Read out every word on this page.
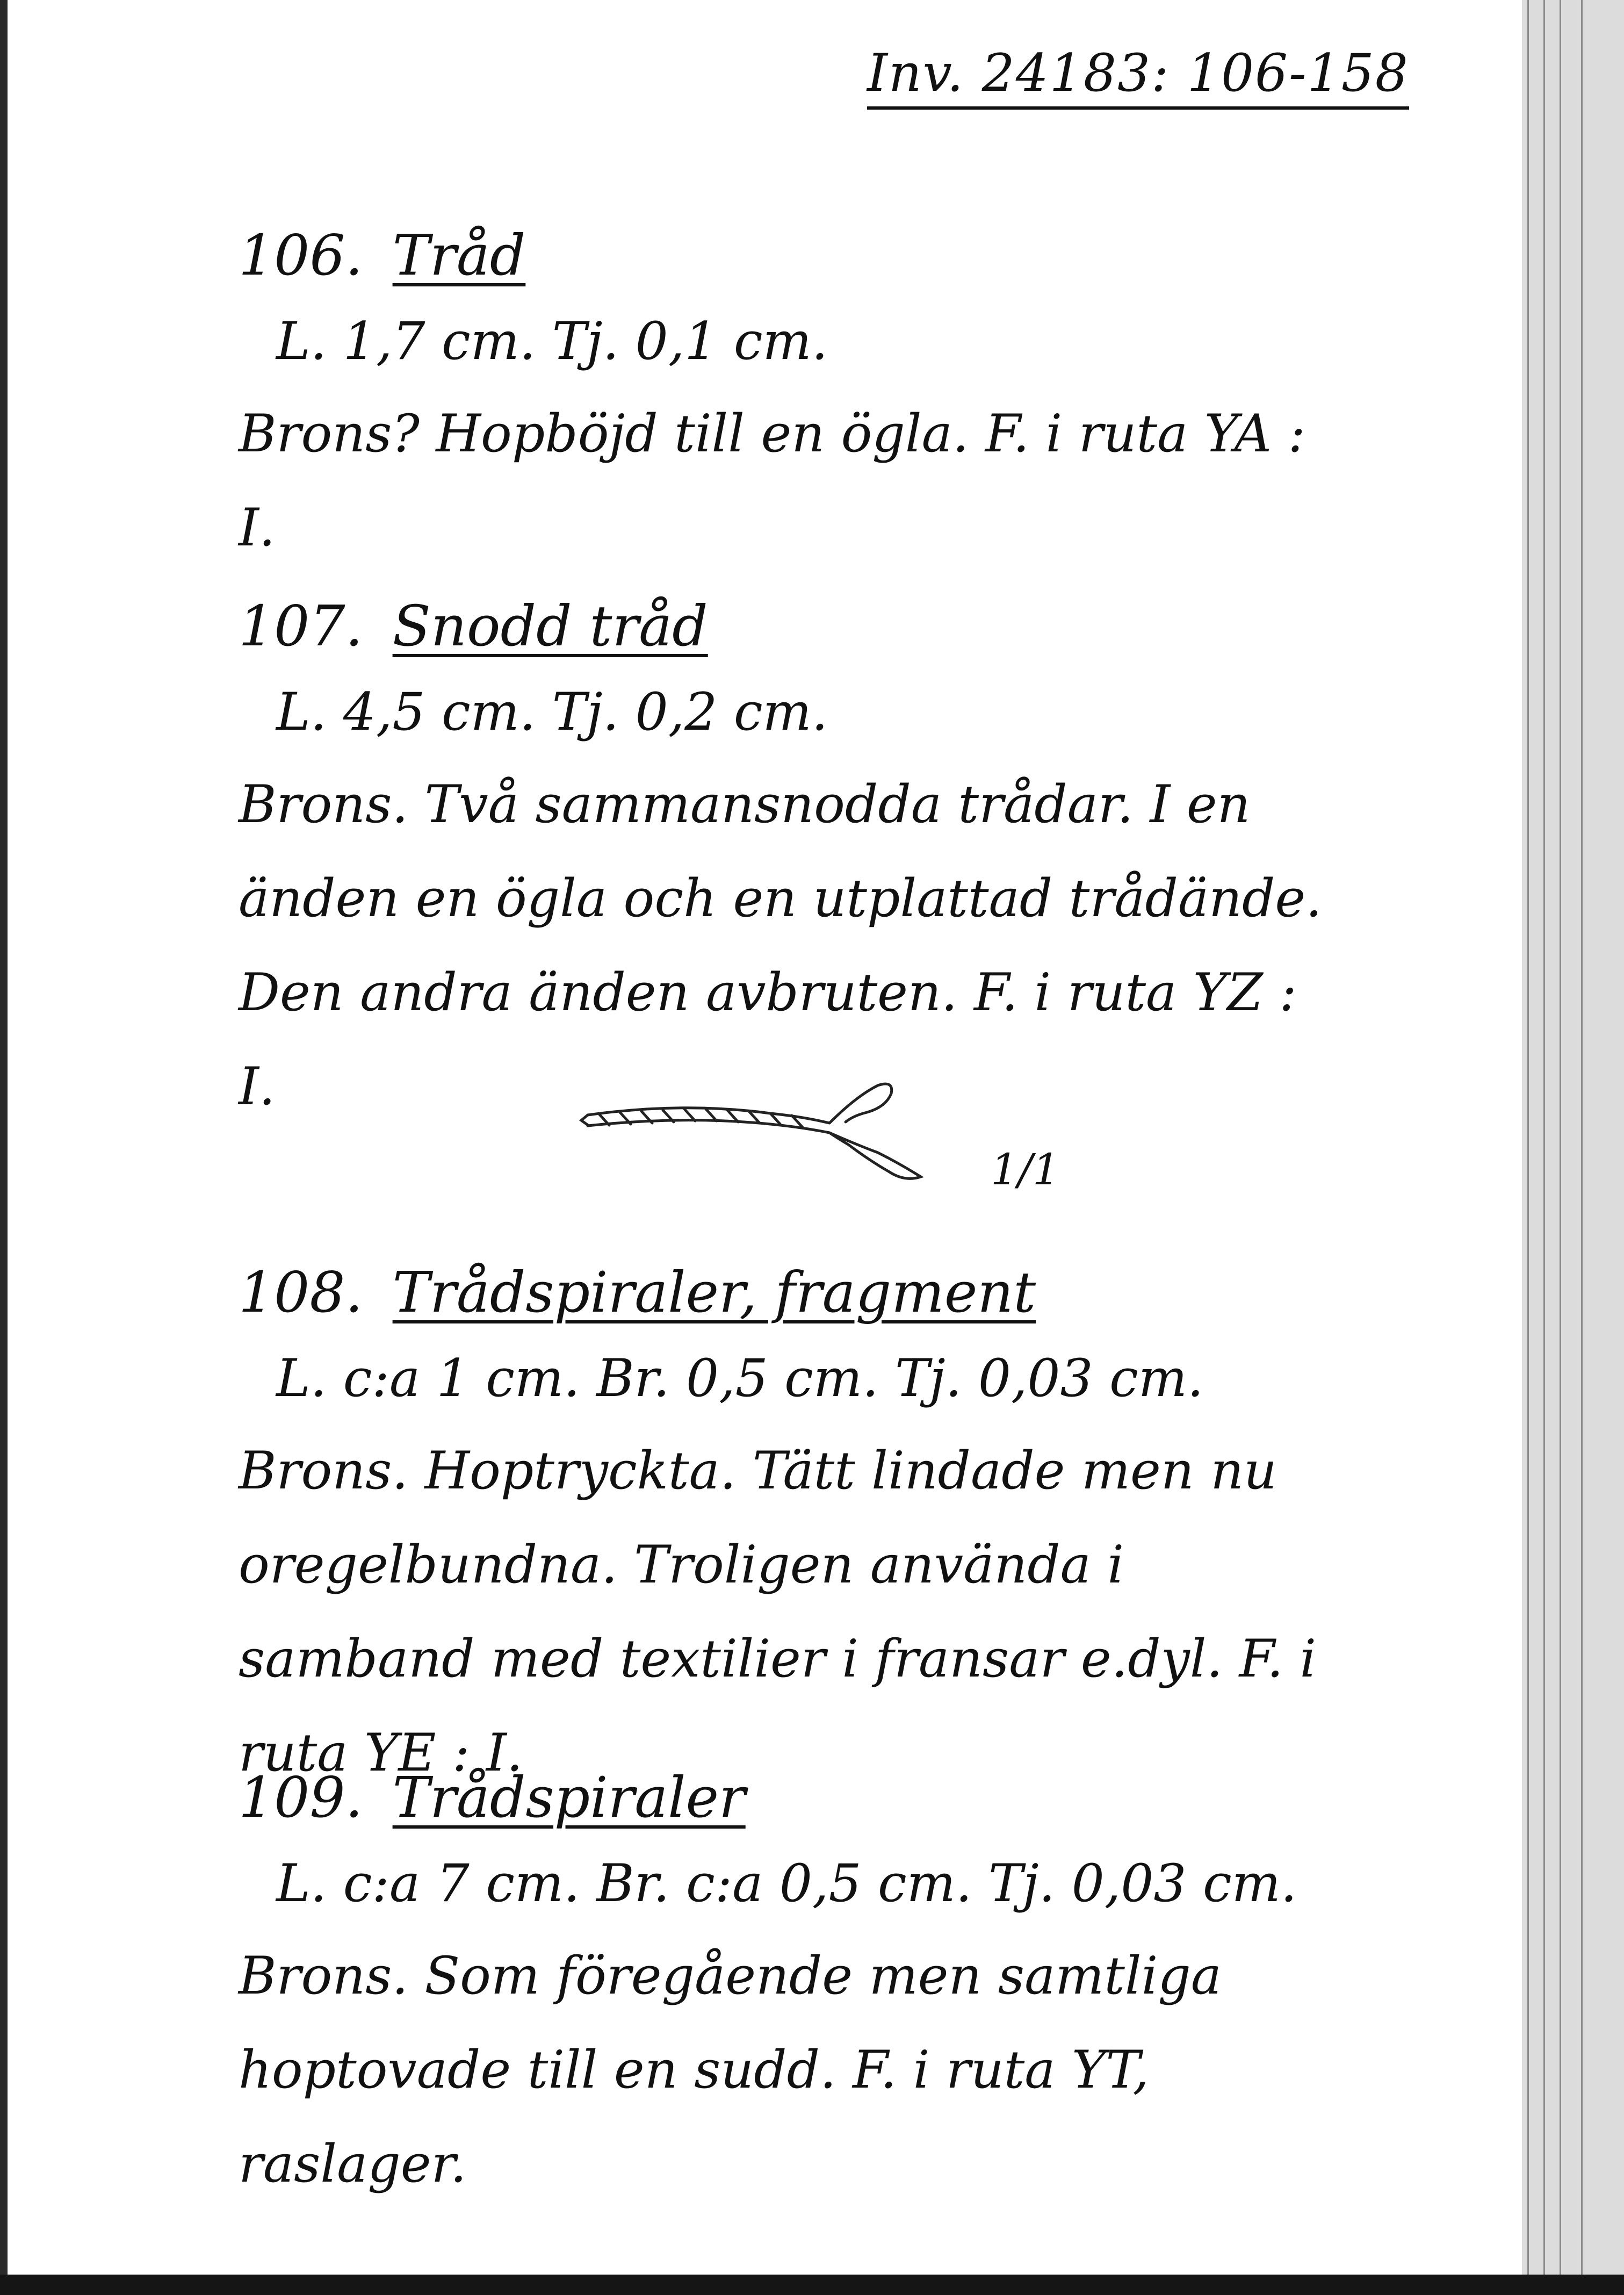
Inv. 24183: 106-158
106. Tråd
L. 1,7 cm. Tj. 0,1 cm.
Brons? Hopböjd till en ögla. F. i ruta YA : I.
107. Snodd tråd
L. 4,5 cm. Tj. 0,2 cm.
Brons. Två sammansnodda trådar. I en änden en ögla och en utplattad trådände. Den andra änden avbruten. F. i ruta YZ : I.
1/1
108. Trådspiraler, fragment
L. c:a 1 cm. Br. 0,5 cm. Tj. 0,03 cm.
Brons. Hoptryckta. Tätt lindade men nu oregelbundna. Troligen använda i samband med textilier i fransar e.dyl. F. i ruta YE : I.
109. Trådspiraler
L. c:a 7 cm. Br. c:a 0,5 cm. Tj. 0,03 cm.
Brons. Som föregående men samtliga hoptovade till en sudd. F. i ruta YT, raslager.
